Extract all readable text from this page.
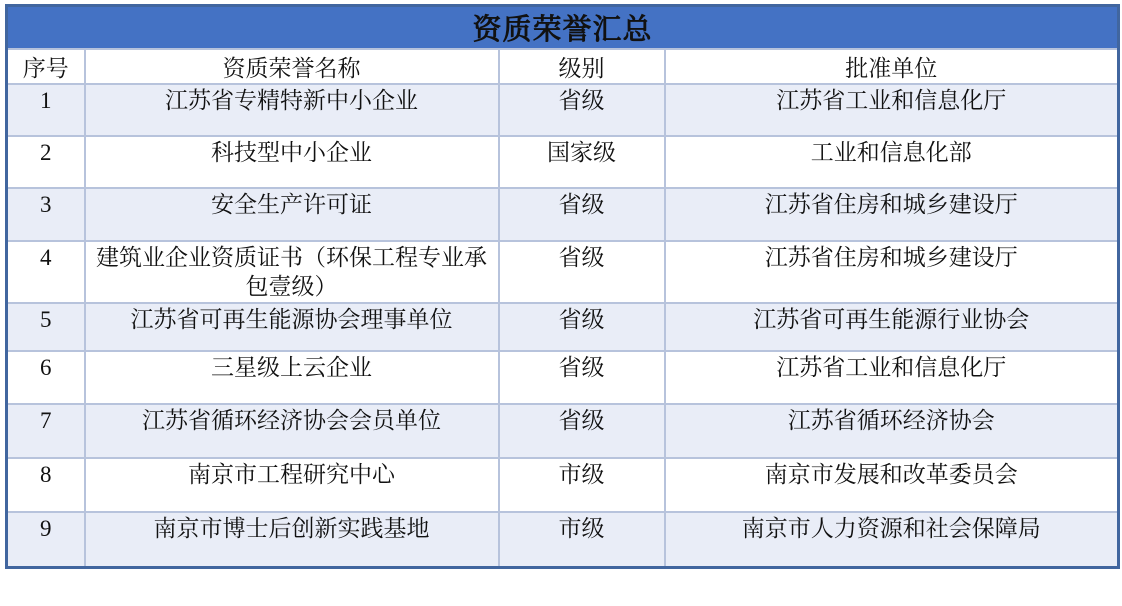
资质荣誉汇总			
序号	资质荣誉名称	级别	批准单位
1	江苏省专精特新中小企业	省级	江苏省工业和信息化厅
2	科技型中小企业	国家级	工业和信息化部
3	安全生产许可证	省级	江苏省住房和城乡建设厅
4	建筑业企业资质证书（环保工程专业承包壹级）	省级	江苏省住房和城乡建设厅
5	江苏省可再生能源协会理事单位	省级	江苏省可再生能源行业协会
6	三星级上云企业	省级	江苏省工业和信息化厅
7	江苏省循环经济协会会员单位	省级	江苏省循环经济协会
8	南京市工程研究中心	市级	南京市发展和改革委员会
9	南京市博士后创新实践基地	市级	南京市人力资源和社会保障局
